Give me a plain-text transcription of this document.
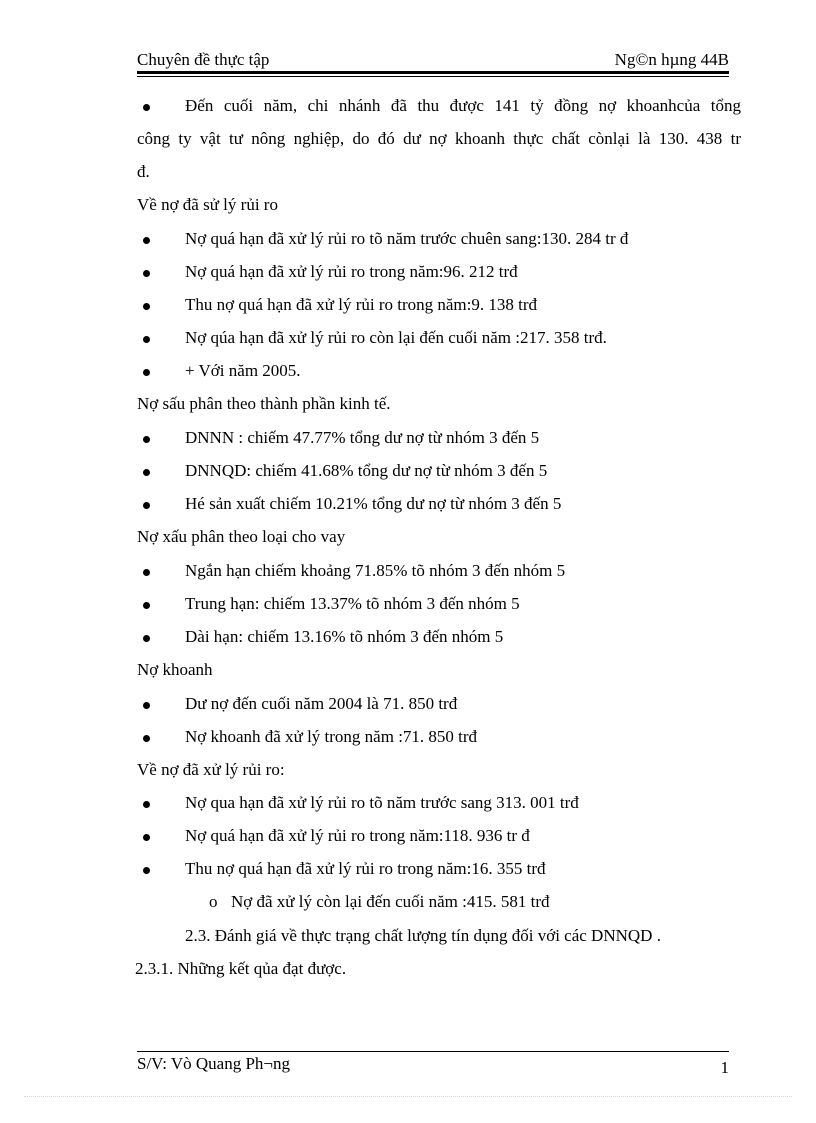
Chuyên đề thực tập	Ng©n hµng 44B
Đến cuối năm, chi nhánh đã thu được 141 tỷ đồng nợ khoanhcủa tổng
công ty vật tư nông nghiệp, do đó dư nợ khoanh thực chất cònlại là 130. 438 tr
đ.
Về nợ đã sử lý rủi ro
Nợ quá hạn đã xử lý rủi ro tõ năm trước chuên sang:130. 284 tr đ
Nợ quá hạn đã xử lý rủi ro trong năm:96. 212 trđ
Thu nợ quá hạn đã xử lý rủi ro trong năm:9. 138 trđ
Nợ qúa hạn đã xử lý rủi ro còn lại đến cuối năm :217. 358 trđ.
+ Với năm 2005.
Nợ sấu phân theo thành phần kinh tế.
DNNN : chiếm 47.77% tổng dư nợ từ nhóm 3 đến 5
DNNQD: chiếm 41.68% tổng dư nợ từ nhóm 3 đến 5
Hé sản xuất chiếm 10.21% tổng dư nợ từ nhóm 3 đến 5
Nợ xấu phân theo loại cho vay
Ngắn hạn chiếm khoảng 71.85% tõ nhóm 3 đến nhóm 5
Trung hạn: chiếm 13.37% tõ nhóm 3 đến nhóm 5
Dài hạn: chiếm 13.16% tõ nhóm 3 đến nhóm 5
Nợ khoanh
Dư nợ đến cuối năm 2004 là 71. 850 trđ
Nợ khoanh đã xử lý trong năm :71. 850 trđ
Về nợ đã xử lý rủi ro:
Nợ qua hạn đã xử lý rủi ro tõ năm trước sang 313. 001 trđ
Nợ quá hạn đã xử lý rủi ro trong năm:118. 936 tr đ
Thu nợ quá hạn đã xử lý rủi ro trong năm:16. 355 trđ
o Nợ đã xử lý còn lại đến cuối năm :415. 581 trđ
2.3. Đánh giá về thực trạng chất lượng tín dụng đối với các DNNQD .
2.3.1. Những kết qủa đạt được.
S/V: Vò Quang Ph¬ng	1
